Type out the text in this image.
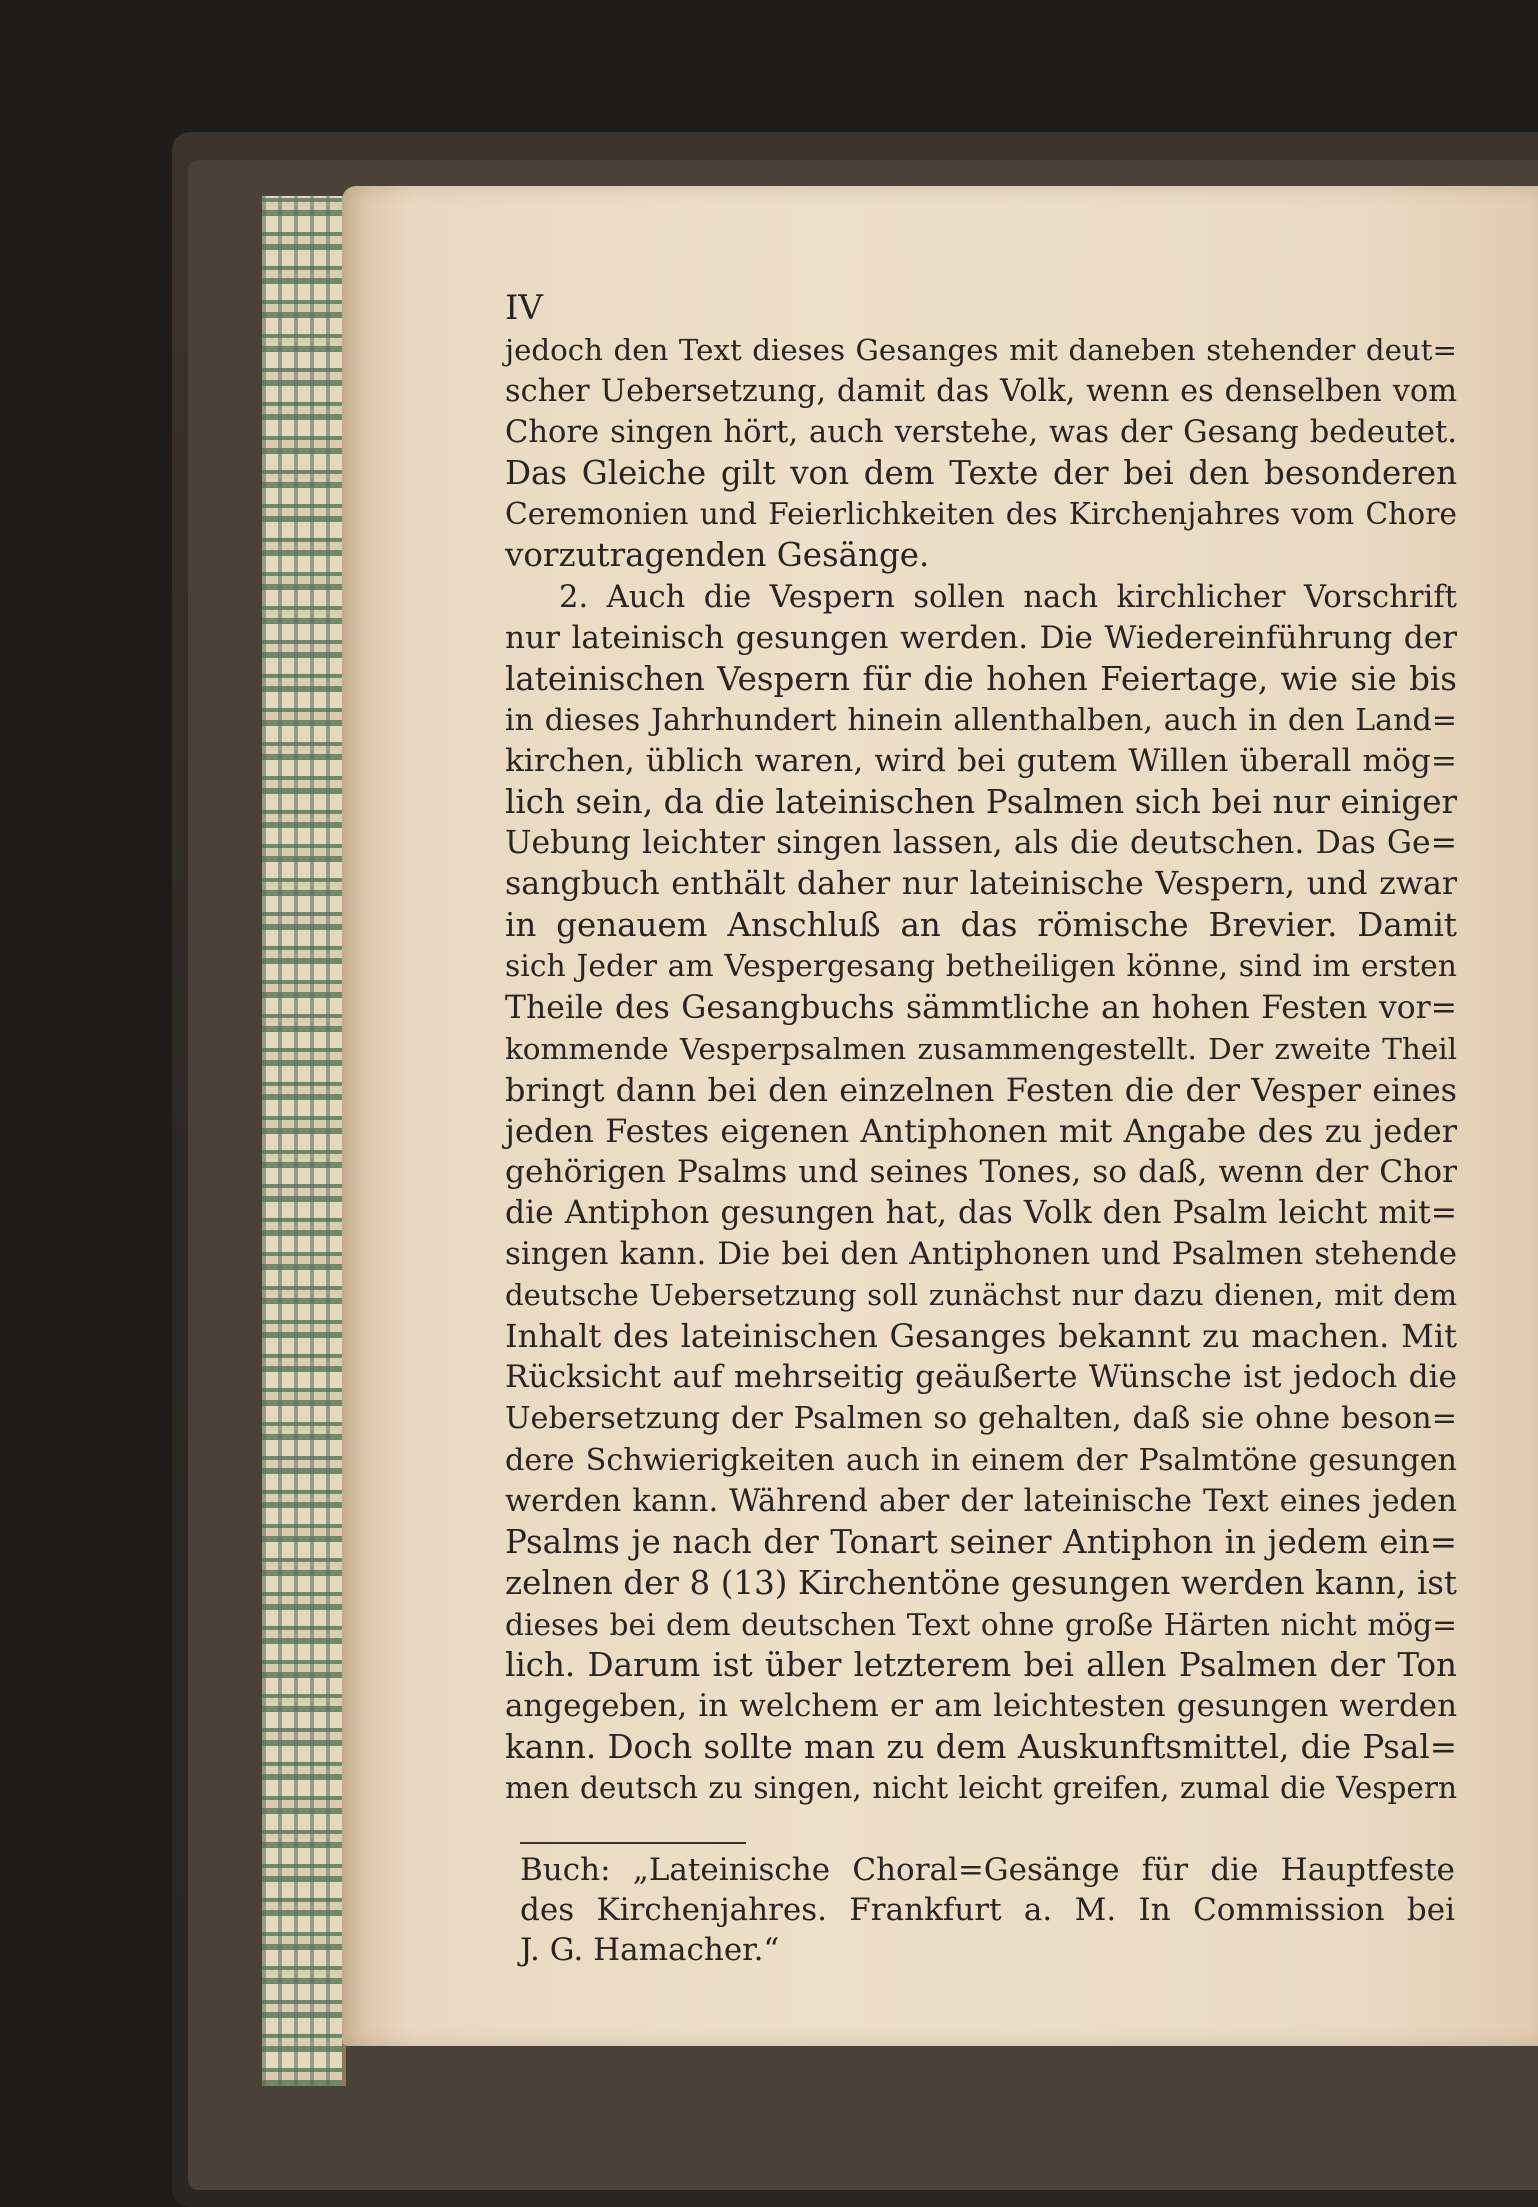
IV
jedoch den Text dieses Gesanges mit daneben stehender deut=
scher Uebersetzung, damit das Volk, wenn es denselben vom
Chore singen hört, auch verstehe, was der Gesang bedeutet.
Das Gleiche gilt von dem Texte der bei den besonderen
Ceremonien und Feierlichkeiten des Kirchenjahres vom Chore
vorzutragenden Gesänge.
2. Auch die Vespern sollen nach kirchlicher Vorschrift
nur lateinisch gesungen werden. Die Wiedereinführung der
lateinischen Vespern für die hohen Feiertage, wie sie bis
in dieses Jahrhundert hinein allenthalben, auch in den Land=
kirchen, üblich waren, wird bei gutem Willen überall mög=
lich sein, da die lateinischen Psalmen sich bei nur einiger
Uebung leichter singen lassen, als die deutschen. Das Ge=
sangbuch enthält daher nur lateinische Vespern, und zwar
in genauem Anschluß an das römische Brevier. Damit
sich Jeder am Vespergesang betheiligen könne, sind im ersten
Theile des Gesangbuchs sämmtliche an hohen Festen vor=
kommende Vesperpsalmen zusammengestellt. Der zweite Theil
bringt dann bei den einzelnen Festen die der Vesper eines
jeden Festes eigenen Antiphonen mit Angabe des zu jeder
gehörigen Psalms und seines Tones, so daß, wenn der Chor
die Antiphon gesungen hat, das Volk den Psalm leicht mit=
singen kann. Die bei den Antiphonen und Psalmen stehende
deutsche Uebersetzung soll zunächst nur dazu dienen, mit dem
Inhalt des lateinischen Gesanges bekannt zu machen. Mit
Rücksicht auf mehrseitig geäußerte Wünsche ist jedoch die
Uebersetzung der Psalmen so gehalten, daß sie ohne beson=
dere Schwierigkeiten auch in einem der Psalmtöne gesungen
werden kann. Während aber der lateinische Text eines jeden
Psalms je nach der Tonart seiner Antiphon in jedem ein=
zelnen der 8 (13) Kirchentöne gesungen werden kann, ist
dieses bei dem deutschen Text ohne große Härten nicht mög=
lich. Darum ist über letzterem bei allen Psalmen der Ton
angegeben, in welchem er am leichtesten gesungen werden
kann. Doch sollte man zu dem Auskunftsmittel, die Psal=
men deutsch zu singen, nicht leicht greifen, zumal die Vespern
Buch: „Lateinische Choral=Gesänge für die Hauptfeste
des Kirchenjahres. Frankfurt a. M. In Commission bei
J. G. Hamacher.“
